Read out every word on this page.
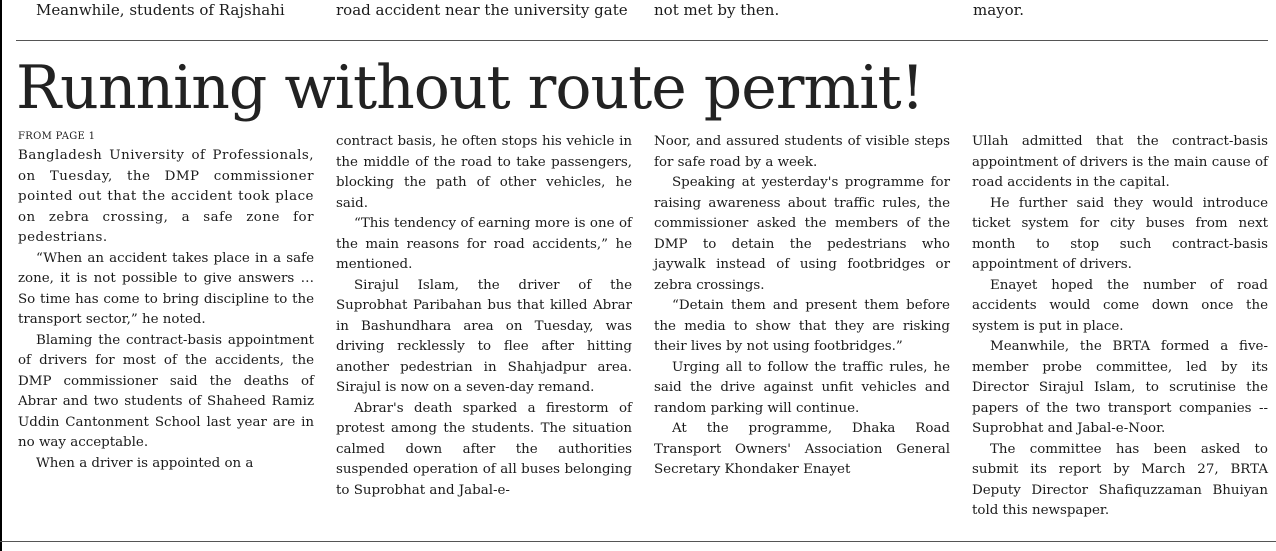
Meanwhile, students of Rajshahi	road accident near the university gate not met by then.	mayor.
Running without route permit!
FROM PAGE 1

Bangladesh University of Professionals, on Tuesday, the DMP commissioner pointed out that the accident took place on zebra crossing, a safe zone for pedestrians.

“When an accident takes place in a safe zone, it is not possible to give answers … So time has come to bring discipline to the transport sector,” he noted.

Blaming the contract-basis appointment of drivers for most of the accidents, the DMP commissioner said the deaths of Abrar and two students of Shaheed Ramiz Uddin Cantonment School last year are in no way acceptable.

When a driver is appointed on a

contract basis, he often stops his vehicle in the middle of the road to take passengers, blocking the path of other vehicles, he said.

“This tendency of earning more is one of the main reasons for road accidents,” he mentioned.

Sirajul Islam, the driver of the Suprobhat Paribahan bus that killed Abrar in Bashundhara area on Tuesday, was driving recklessly to flee after hitting another pedestrian in Shahjadpur area. Sirajul is now on a seven-day remand.

Abrar's death sparked a firestorm of protest among the students. The situation calmed down after the authorities suspended operation of all buses belonging to Suprobhat and Jabal-e-

Noor, and assured students of visible steps for safe road by a week.

Speaking at yesterday's programme for raising awareness about traffic rules, the commissioner asked the members of the DMP to detain the pedestrians who jaywalk instead of using footbridges or zebra crossings.

“Detain them and present them before the media to show that they are risking their lives by not using footbridges.”

Urging all to follow the traffic rules, he said the drive against unfit vehicles and random parking will continue.

At the programme, Dhaka Road Transport Owners' Association General Secretary Khondaker Enayet

Ullah admitted that the contract-basis appointment of drivers is the main cause of road accidents in the capital.

He further said they would introduce ticket system for city buses from next month to stop such contract-basis appointment of drivers.

Enayet hoped the number of road accidents would come down once the system is put in place.

Meanwhile, the BRTA formed a five-member probe committee, led by its Director Sirajul Islam, to scrutinise the papers of the two transport companies -- Suprobhat and Jabal-e-Noor.

The committee has been asked to submit its report by March 27, BRTA Deputy Director Shafiquzzaman Bhuiyan told this newspaper.
